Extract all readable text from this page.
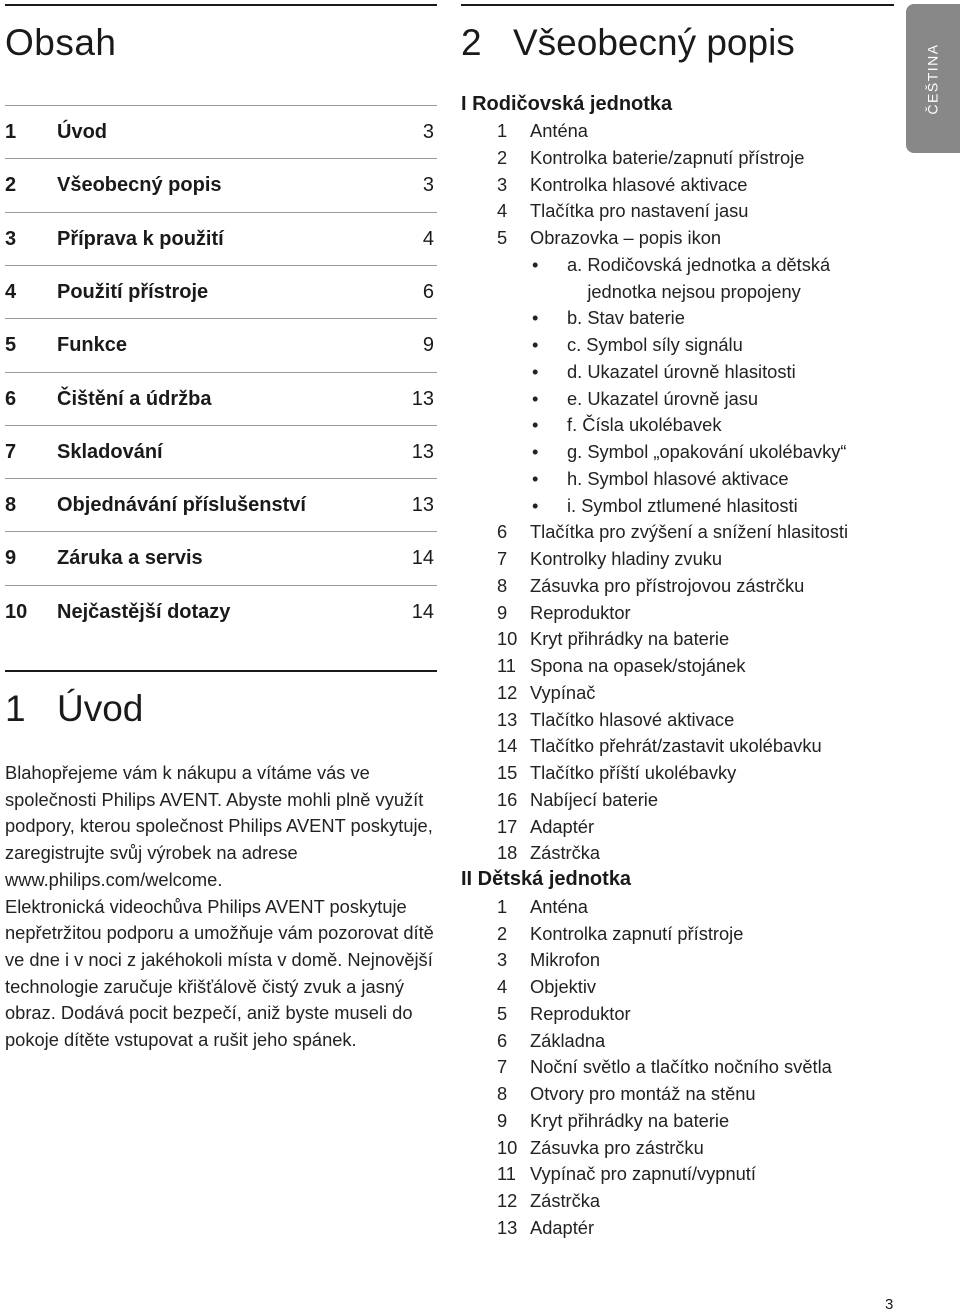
Obsah
1 Úvod	3
2 Všeobecný popis	3
3 Příprava k použití	4
4 Použití přístroje	6
5 Funkce	9
6 Čištění a údržba	13
7 Skladování	13
8 Objednávání příslušenství	13
9 Záruka a servis	14
10 Nejčastější dotazy	14
1 Úvod

Blahopřejeme vám k nákupu a vítáme vás ve společnosti Philips AVENT. Abyste mohli plně využít podpory, kterou společnost Philips AVENT poskytuje, zaregistrujte svůj výrobek na adrese www.philips.com/welcome.

Elektronická videochůva Philips AVENT poskytuje nepřetržitou podporu a umožňuje vám pozorovat dítě ve dne i v noci z jakéhokoli místa v domě. Nejnovější technologie zaručuje křišťálově čistý zvuk a jasný obraz. Dodává pocit bezpečí, aniž byste museli do pokoje dítěte vstupovat a rušit jeho spánek.

2 Všeobecný popis
I Rodičovská jednotka
1 Anténa
2 Kontrolka baterie/zapnutí přístroje
3 Kontrolka hlasové aktivace
4 Tlačítka pro nastavení jasu
5 Obrazovka – popis ikon
• a. Rodičovská jednotka a dětská
jednotka nejsou propojeny
• b. Stav baterie
• c. Symbol síly signálu
• d. Ukazatel úrovně hlasitosti
• e. Ukazatel úrovně jasu
• f. Čísla ukolébavek
• g. Symbol „opakování ukolébavky“
• h. Symbol hlasové aktivace
• i. Symbol ztlumené hlasitosti
6 Tlačítka pro zvýšení a snížení hlasitosti
7 Kontrolky hladiny zvuku
8 Zásuvka pro přístrojovou zástrčku
9 Reproduktor
10 Kryt přihrádky na baterie
11 Spona na opasek/stojánek
12 Vypínač
13 Tlačítko hlasové aktivace
14 Tlačítko přehrát/zastavit ukolébavku
15 Tlačítko příští ukolébavky
16 Nabíjecí baterie
17 Adaptér
18 Zástrčka
II Dětská jednotka
1 Anténa
2 Kontrolka zapnutí přístroje
3 Mikrofon
4 Objektiv
5 Reproduktor
6 Základna
7 Noční světlo a tlačítko nočního světla
8 Otvory pro montáž na stěnu
9 Kryt přihrádky na baterie
10 Zásuvka pro zástrčku
11 Vypínač pro zapnutí/vypnutí
12 Zástrčka
13 Adaptér
ČEŠTINA
3
